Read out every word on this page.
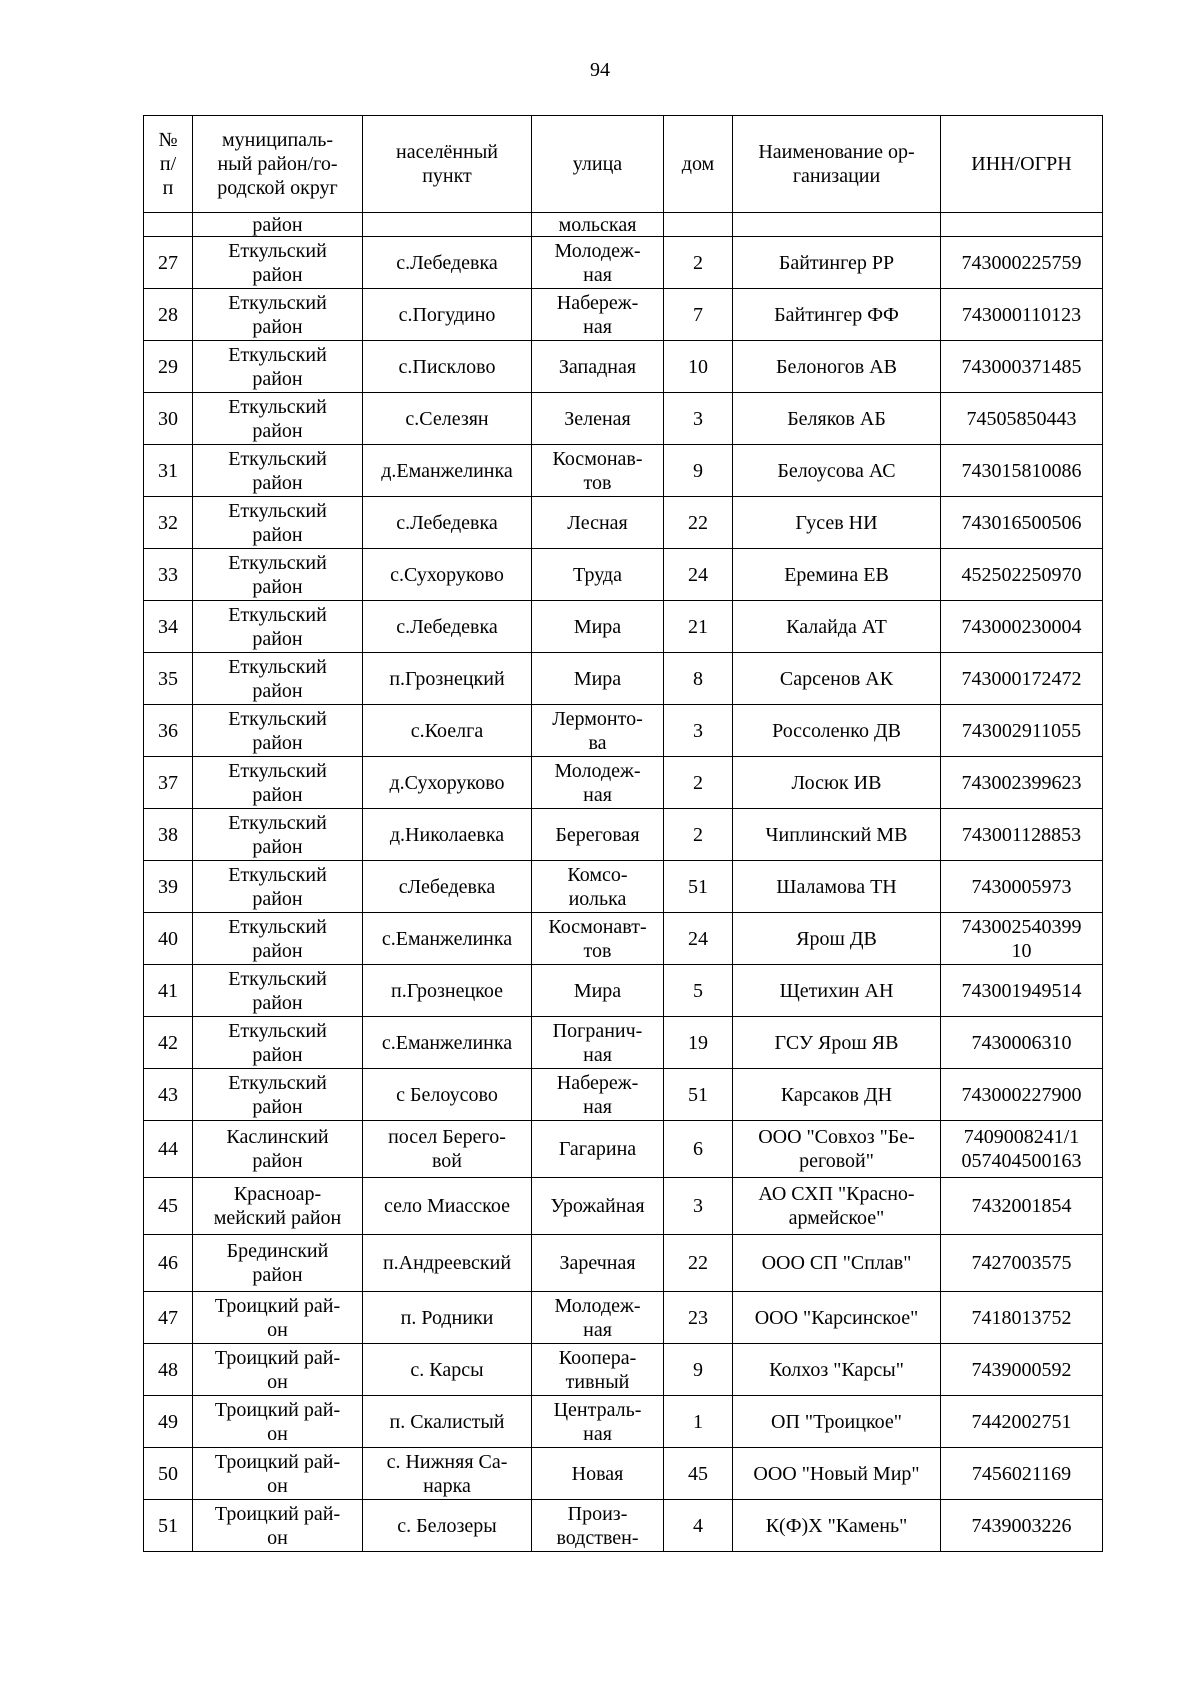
94
№
п/
п	муниципаль-
ный район/го-
родской округ	населённый
пункт	улица	дом	Наименование ор-
ганизации	ИНН/ОГРН

	район		мольская			

27	Еткульский
район	с.Лебедевка	Молодеж-
ная	2	Байтингер РР	743000225759

28	Еткульский
район	с.Погудино	Набереж-
ная	7	Байтингер ФФ	743000110123

29	Еткульский
район	с.Писклово	Западная	10	Белоногов АВ	743000371485

30	Еткульский
район	с.Селезян	Зеленая	3	Беляков АБ	74505850443

31	Еткульский
район	д.Еманжелинка	Космонав-
тов	9	Белоусова АС	743015810086

32	Еткульский
район	с.Лебедевка	Лесная	22	Гусев НИ	743016500506

33	Еткульский
район	с.Сухоруково	Труда	24	Еремина ЕВ	452502250970

34	Еткульский
район	с.Лебедевка	Мира	21	Калайда АТ	743000230004

35	Еткульский
район	п.Грознецкий	Мира	8	Сарсенов АК	743000172472

36	Еткульский
район	с.Коелга	Лермонто-
ва	3	Россоленко ДВ	743002911055

37	Еткульский
район	д.Сухоруково	Молодеж-
ная	2	Лосюк ИВ	743002399623

38	Еткульский
район	д.Николаевка	Береговая	2	Чиплинский МВ	743001128853

39	Еткульский
район	сЛебедевка	Комсо-
иолька	51	Шаламова ТН	7430005973

40	Еткульский
район	с.Еманжелинка	Космонавт-
тов	24	Ярош ДВ	743002540399
10

41	Еткульский
район	п.Грознецкое	Мира	5	Щетихин АН	743001949514

42	Еткульский
район	с.Еманжелинка	Погранич-
ная	19	ГСУ Ярош ЯВ	7430006310

43	Еткульский
район	с Белоусово	Набереж-
ная	51	Карсаков ДН	743000227900

44	Каслинский
район	посел Берего-
вой	Гагарина	6	ООО "Совхоз "Бе-
реговой"	7409008241/1
057404500163

45	Красноар-
мейский район	село Миасское	Урожайная	3	АО СХП "Красно-
армейское"	7432001854

46	Брединский
район	п.Андреевский	Заречная	22	ООО СП "Сплав"	7427003575

47	Троицкий рай-
он	п. Родники	Молодеж-
ная	23	ООО "Карсинское"	7418013752

48	Троицкий рай-
он	с. Карсы	Коопера-
тивный	9	Колхоз "Карсы"	7439000592

49	Троицкий рай-
он	п. Скалистый	Централь-
ная	1	ОП "Троицкое"	7442002751

50	Троицкий рай-
он	с. Нижняя Са-
нарка	Новая	45	ООО "Новый Мир"	7456021169

51	Троицкий рай-
он	с. Белозеры	Произ-
водствен-	4	К(Ф)Х "Камень"	7439003226
